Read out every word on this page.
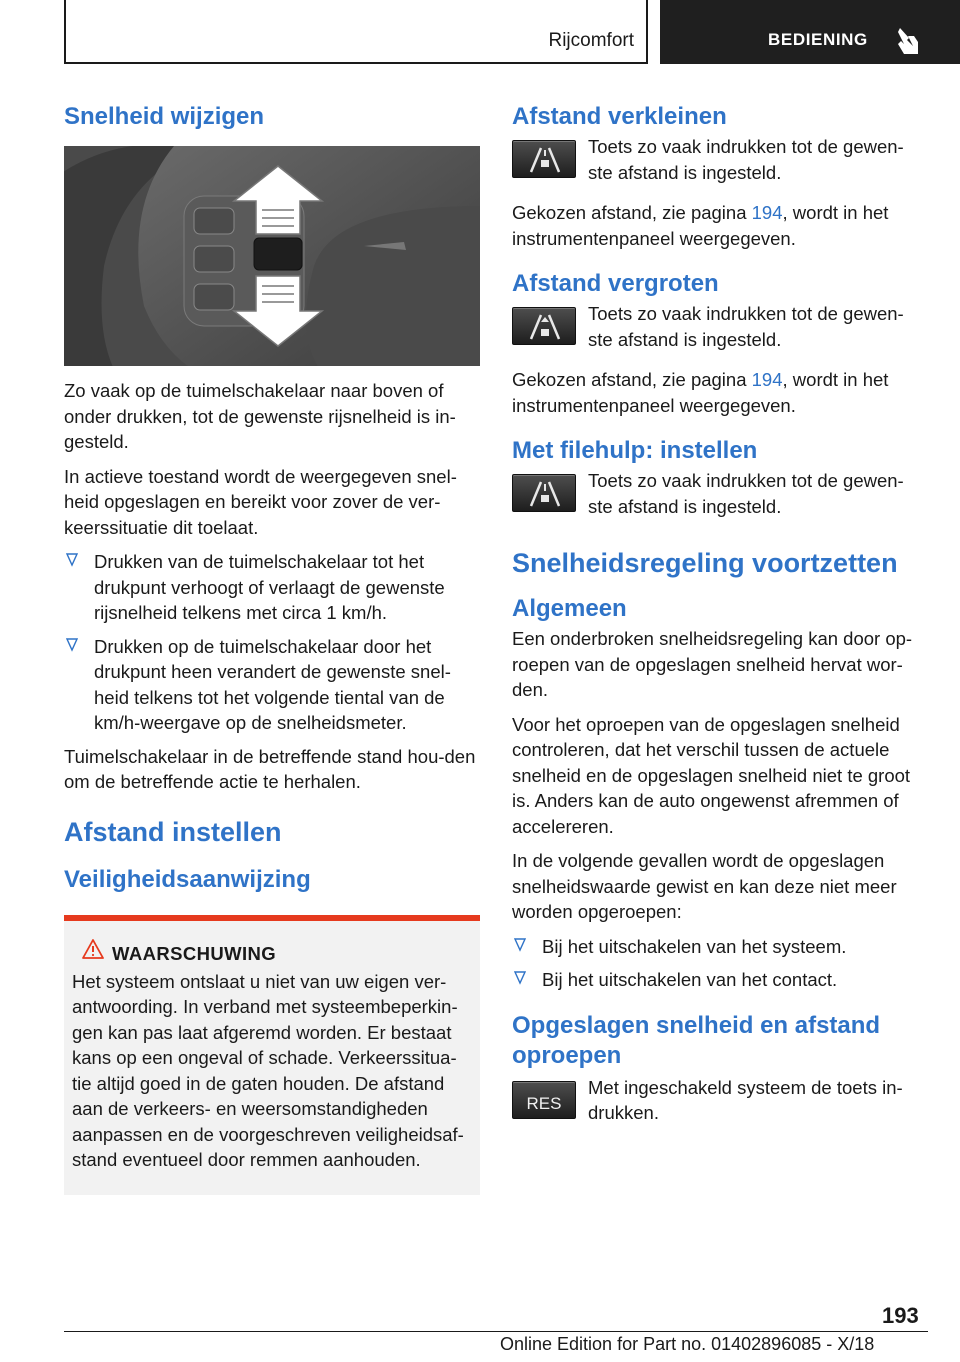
Rijcomfort	BEDIENING
Snelheid wijzigen

Zo vaak op de tuimelschakelaar naar boven of onder drukken, tot de gewenste rijsnelheid is in-gesteld.

In actieve toestand wordt de weergegeven snel-heid opgeslagen en bereikt voor zover de ver-keerssituatie dit toelaat.

Drukken van de tuimelschakelaar tot het drukpunt verhoogt of verlaagt de gewenste rijsnelheid telkens met circa 1 km/h.
Drukken op de tuimelschakelaar door het drukpunt heen verandert de gewenste snel-heid telkens tot het volgende tiental van de km/h-weergave op de snelheidsmeter.

Tuimelschakelaar in de betreffende stand hou-den om de betreffende actie te herhalen.

Afstand instellen
Veiligheidsaanwijzing
WAARSCHUWING
Het systeem ontslaat u niet van uw eigen ver-antwoording. In verband met systeembeperkin-gen kan pas laat afgeremd worden. Er bestaat kans op een ongeval of schade. Verkeerssitua-tie altijd goed in de gaten houden. De afstand aan de verkeers- en weersomstandigheden aanpassen en de voorgeschreven veiligheidsaf-stand eventueel door remmen aanhouden.
Afstand verkleinen
Toets zo vaak indrukken tot de gewen-ste afstand is ingesteld.

Gekozen afstand, zie pagina 194, wordt in het instrumentenpaneel weergegeven.

Afstand vergroten
Toets zo vaak indrukken tot de gewen-ste afstand is ingesteld.

Gekozen afstand, zie pagina 194, wordt in het instrumentenpaneel weergegeven.

Met filehulp: instellen
Toets zo vaak indrukken tot de gewen-ste afstand is ingesteld.
Snelheidsregeling voortzetten
Algemeen

Een onderbroken snelheidsregeling kan door op-roepen van de opgeslagen snelheid hervat wor-den.

Voor het oproepen van de opgeslagen snelheid controleren, dat het verschil tussen de actuele snelheid en de opgeslagen snelheid niet te groot is. Anders kan de auto ongewenst afremmen of accelereren.

In de volgende gevallen wordt de opgeslagen snelheidswaarde gewist en kan deze niet meer worden opgeroepen:

Bij het uitschakelen van het systeem.
Bij het uitschakelen van het contact.
Opgeslagen snelheid en afstand oproepen
RES
Met ingeschakeld systeem de toets in-drukken.
193
Online Edition for Part no. 01402896085 - X/18
